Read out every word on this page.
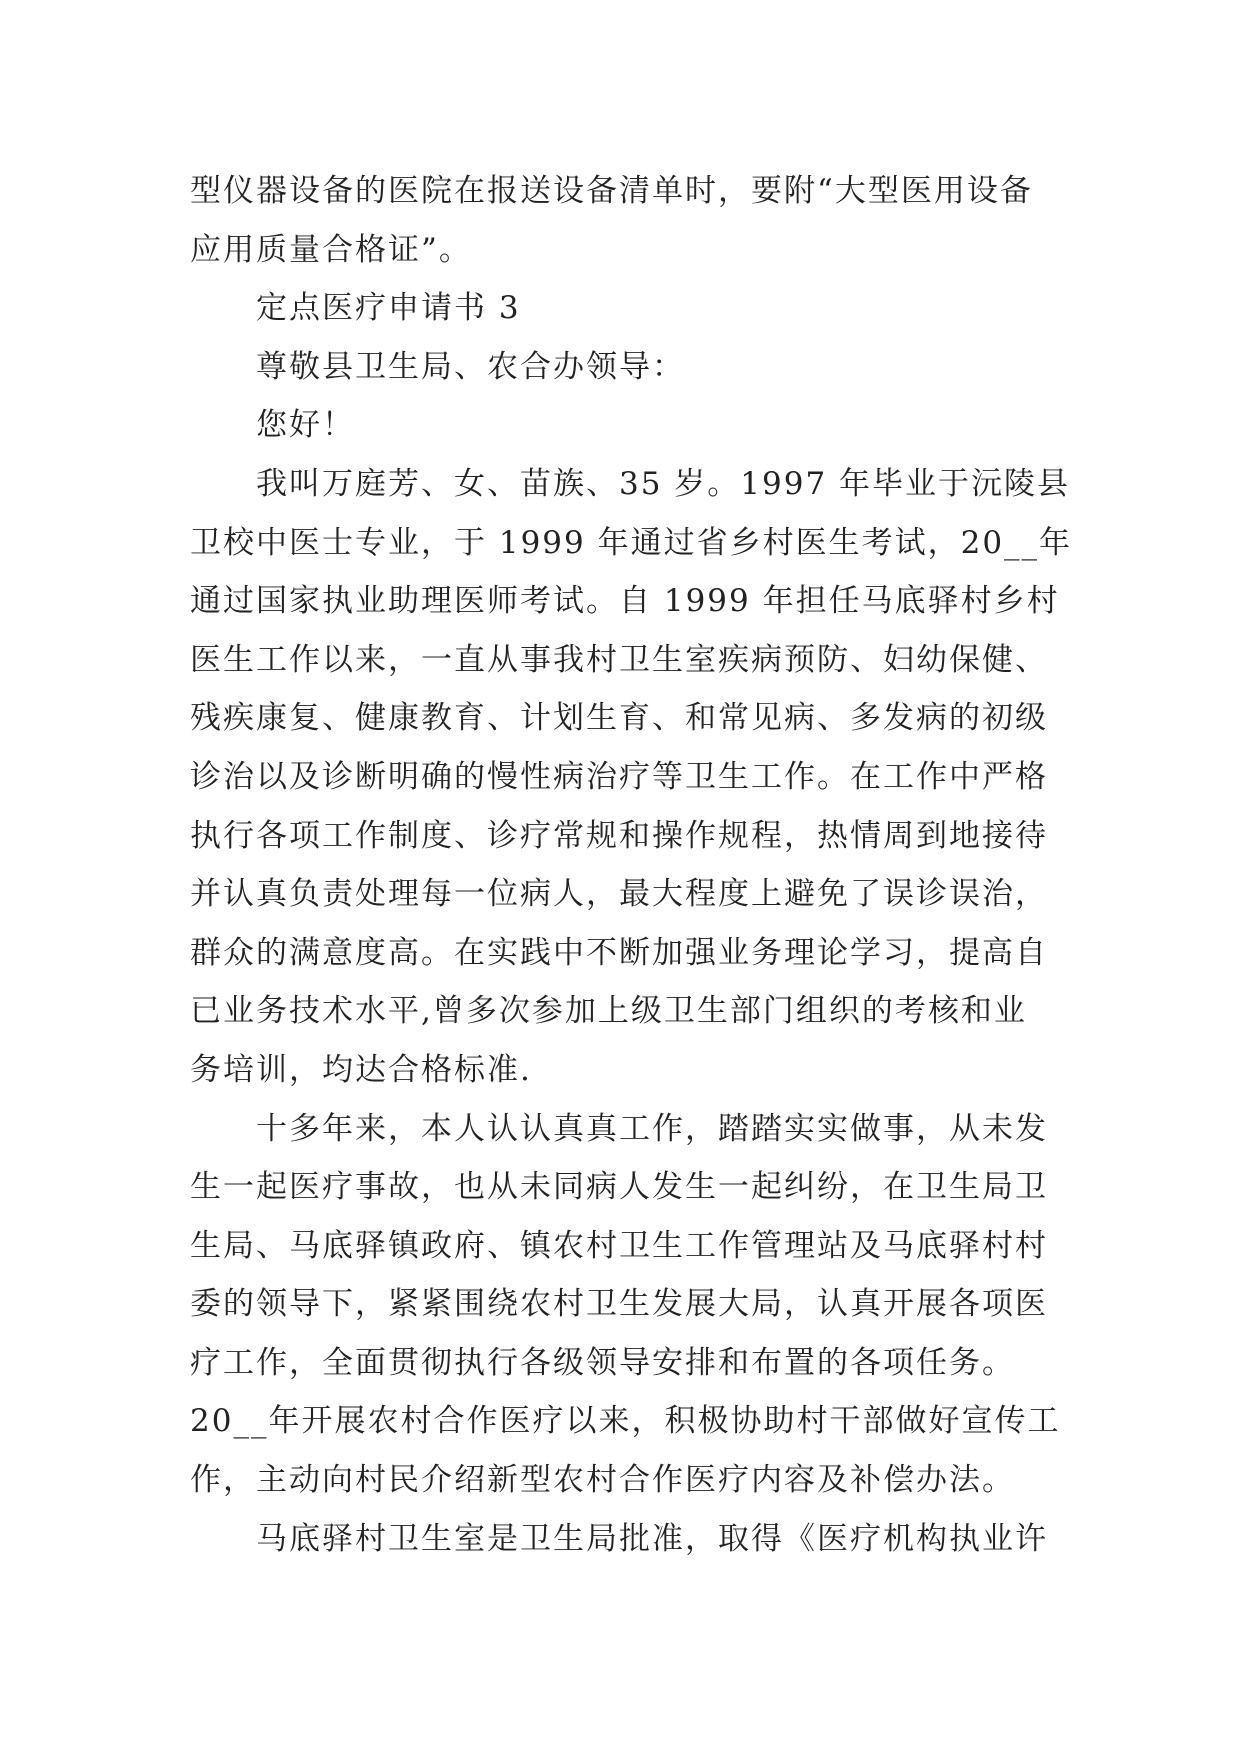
型仪器设备的医院在报送设备清单时，要附“大型医用设备
应用质量合格证”。
定点医疗申请书 3
尊敬县卫生局、农合办领导：
您好！
我叫万庭芳、女、苗族、35 岁。1997 年毕业于沅陵县
卫校中医士专业，于 1999 年通过省乡村医生考试，20__年
通过国家执业助理医师考试。自 1999 年担任马底驿村乡村
医生工作以来，一直从事我村卫生室疾病预防、妇幼保健、
残疾康复、健康教育、计划生育、和常见病、多发病的初级
诊治以及诊断明确的慢性病治疗等卫生工作。在工作中严格
执行各项工作制度、诊疗常规和操作规程，热情周到地接待
并认真负责处理每一位病人，最大程度上避免了误诊误治，
群众的满意度高。在实践中不断加强业务理论学习，提高自
已业务技术水平,曾多次参加上级卫生部门组织的考核和业
务培训，均达合格标准.
十多年来，本人认认真真工作，踏踏实实做事，从未发
生一起医疗事故，也从未同病人发生一起纠纷，在卫生局卫
生局、马底驿镇政府、镇农村卫生工作管理站及马底驿村村
委的领导下，紧紧围绕农村卫生发展大局，认真开展各项医
疗工作，全面贯彻执行各级领导安排和布置的各项任务。
20__年开展农村合作医疗以来，积极协助村干部做好宣传工
作，主动向村民介绍新型农村合作医疗内容及补偿办法。
马底驿村卫生室是卫生局批准，取得《医疗机构执业许
